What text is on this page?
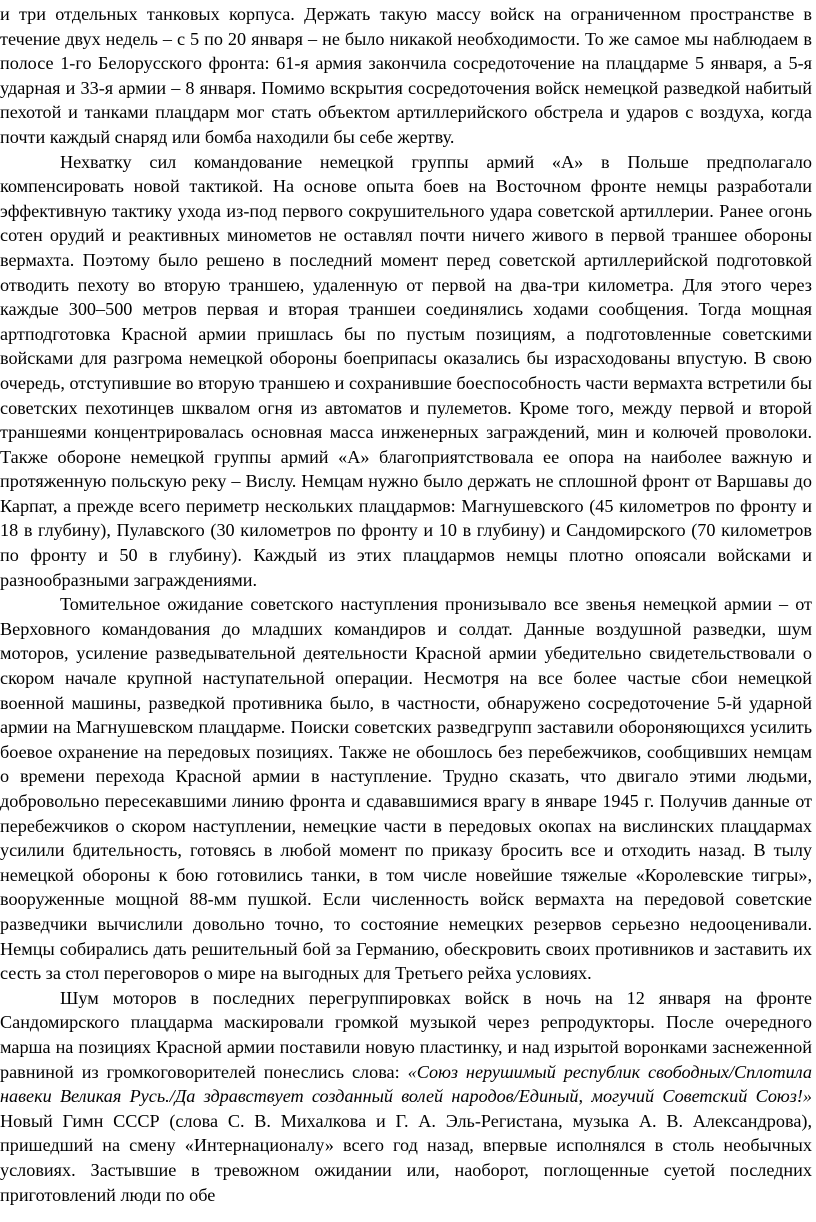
и три отдельных танковых корпуса. Держать такую массу войск на ограниченном пространстве в течение двух недель – с 5 по 20 января – не было никакой необходимости. То же самое мы наблюдаем в полосе 1-го Белорусского фронта: 61-я армия закончила сосредоточение на плацдарме 5 января, а 5-я ударная и 33-я армии – 8 января. Помимо вскрытия сосредоточения войск немецкой разведкой набитый пехотой и танками плацдарм мог стать объектом артиллерийского обстрела и ударов с воздуха, когда почти каждый снаряд или бомба находили бы себе жертву.

Нехватку сил командование немецкой группы армий «А» в Польше предполагало компенсировать новой тактикой. На основе опыта боев на Восточном фронте немцы разработали эффективную тактику ухода из-под первого сокрушительного удара советской артиллерии. Ранее огонь сотен орудий и реактивных минометов не оставлял почти ничего живого в первой траншее обороны вермахта. Поэтому было решено в последний момент перед советской артиллерийской подготовкой отводить пехоту во вторую траншею, удаленную от первой на два-три километра. Для этого через каждые 300–500 метров первая и вторая траншеи соединялись ходами сообщения. Тогда мощная артподготовка Красной армии пришлась бы по пустым позициям, а подготовленные советскими войсками для разгрома немецкой обороны боеприпасы оказались бы израсходованы впустую. В свою очередь, отступившие во вторую траншею и сохранившие боеспособность части вермахта встретили бы советских пехотинцев шквалом огня из автоматов и пулеметов. Кроме того, между первой и второй траншеями концентрировалась основная масса инженерных заграждений, мин и колючей проволоки. Также обороне немецкой группы армий «А» благоприятствовала ее опора на наиболее важную и протяженную польскую реку – Вислу. Немцам нужно было держать не сплошной фронт от Варшавы до Карпат, а прежде всего периметр нескольких плацдармов: Магнушевского (45 километров по фронту и 18 в глубину), Пулавского (30 километров по фронту и 10 в глубину) и Сандомирского (70 километров по фронту и 50 в глубину). Каждый из этих плацдармов немцы плотно опоясали войсками и разнообразными заграждениями.

Томительное ожидание советского наступления пронизывало все звенья немецкой армии – от Верховного командования до младших командиров и солдат. Данные воздушной разведки, шум моторов, усиление разведывательной деятельности Красной армии убедительно свидетельствовали о скором начале крупной наступательной операции. Несмотря на все более частые сбои немецкой военной машины, разведкой противника было, в частности, обнаружено сосредоточение 5-й ударной армии на Магнушевском плацдарме. Поиски советских разведгрупп заставили обороняющихся усилить боевое охранение на передовых позициях. Также не обошлось без перебежчиков, сообщивших немцам о времени перехода Красной армии в наступление. Трудно сказать, что двигало этими людьми, добровольно пересекавшими линию фронта и сдававшимися врагу в январе 1945 г. Получив данные от перебежчиков о скором наступлении, немецкие части в передовых окопах на вислинских плацдармах усилили бдительность, готовясь в любой момент по приказу бросить все и отходить назад. В тылу немецкой обороны к бою готовились танки, в том числе новейшие тяжелые «Королевские тигры», вооруженные мощной 88-мм пушкой. Если численность войск вермахта на передовой советские разведчики вычислили довольно точно, то состояние немецких резервов серьезно недооценивали. Немцы собирались дать решительный бой за Германию, обескровить своих противников и заставить их сесть за стол переговоров о мире на выгодных для Третьего рейха условиях.

Шум моторов в последних перегруппировках войск в ночь на 12 января на фронте Сандомирского плацдарма маскировали громкой музыкой через репродукторы. После очередного марша на позициях Красной армии поставили новую пластинку, и над изрытой воронками заснеженной равниной из громкоговорителей понеслись слова: «Союз нерушимый республик свободных/Сплотила навеки Великая Русь./Да здравствует созданный волей народов/Единый, могучий Советский Союз!» Новый Гимн СССР (слова С. В. Михалкова и Г. А. Эль-Регистана, музыка А. В. Александрова), пришедший на смену «Интернационалу» всего год назад, впервые исполнялся в столь необычных условиях. Застывшие в тревожном ожидании или, наоборот, поглощенные суетой последних приготовлений люди по обе
